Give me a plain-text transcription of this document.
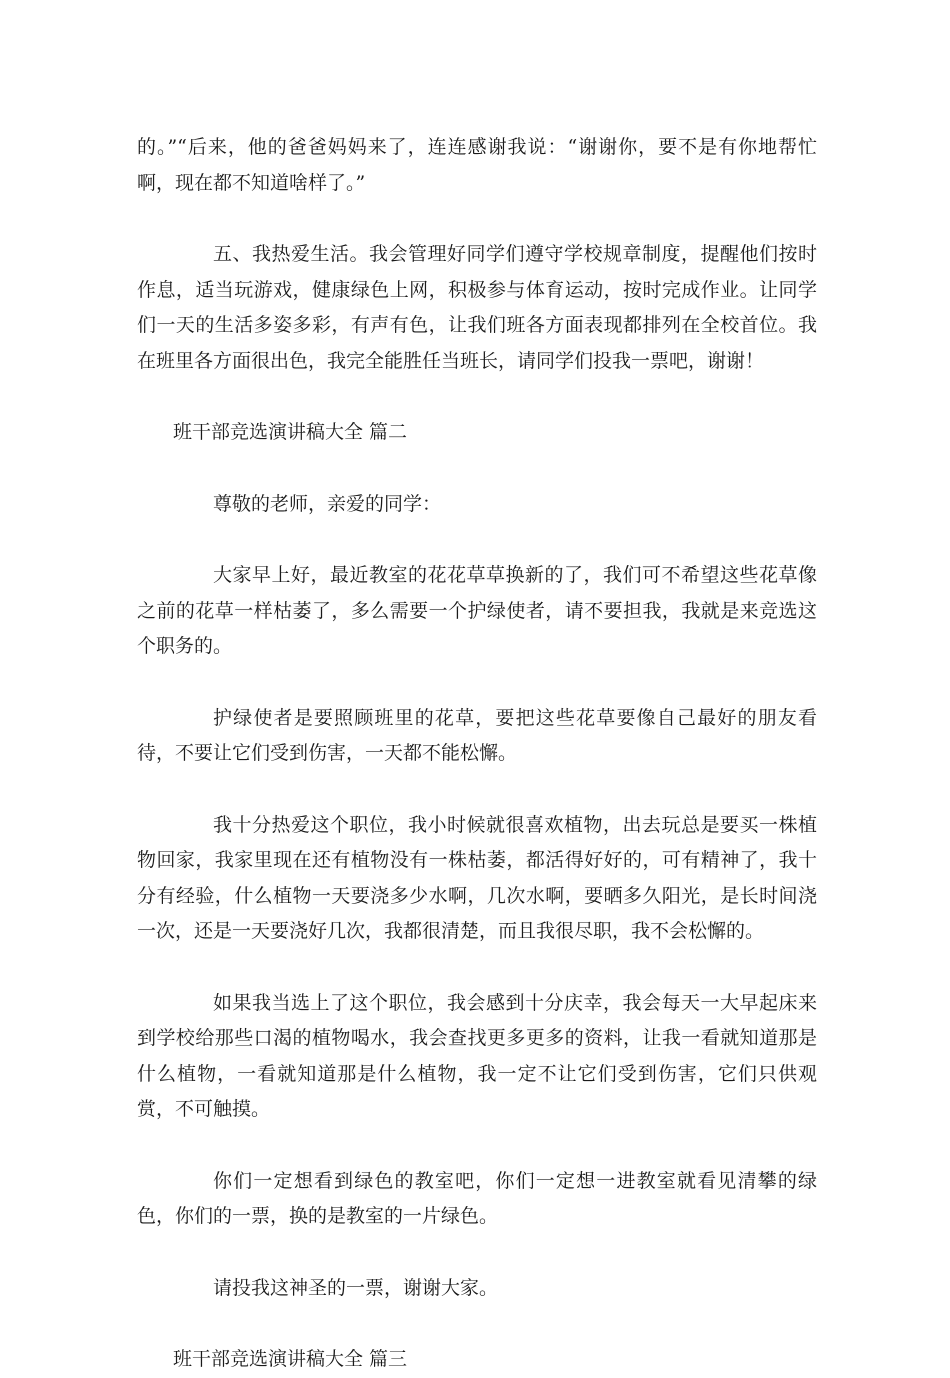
的。”“后来，他的爸爸妈妈来了，连连感谢我说：“谢谢你，要不是有你地帮忙啊，现在都不知道啥样了。”

五、我热爱生活。我会管理好同学们遵守学校规章制度，提醒他们按时作息，适当玩游戏，健康绿色上网，积极参与体育运动，按时完成作业。让同学们一天的生活多姿多彩，有声有色，让我们班各方面表现都排列在全校首位。我在班里各方面很出色，我完全能胜任当班长，请同学们投我一票吧，谢谢！

班干部竞选演讲稿大全 篇二

尊敬的老师，亲爱的同学：

大家早上好，最近教室的花花草草换新的了，我们可不希望这些花草像之前的花草一样枯萎了，多么需要一个护绿使者，请不要担我，我就是来竞选这个职务的。

护绿使者是要照顾班里的花草，要把这些花草要像自己最好的朋友看待，不要让它们受到伤害，一天都不能松懈。

我十分热爱这个职位，我小时候就很喜欢植物，出去玩总是要买一株植物回家，我家里现在还有植物没有一株枯萎，都活得好好的，可有精神了，我十分有经验，什么植物一天要浇多少水啊，几次水啊，要晒多久阳光，是长时间浇一次，还是一天要浇好几次，我都很清楚，而且我很尽职，我不会松懈的。

如果我当选上了这个职位，我会感到十分庆幸，我会每天一大早起床来到学校给那些口渴的植物喝水，我会查找更多更多的资料，让我一看就知道那是什么植物，一看就知道那是什么植物，我一定不让它们受到伤害，它们只供观赏，不可触摸。

你们一定想看到绿色的教室吧，你们一定想一进教室就看见清攀的绿色，你们的一票，换的是教室的一片绿色。

请投我这神圣的一票，谢谢大家。

班干部竞选演讲稿大全 篇三
